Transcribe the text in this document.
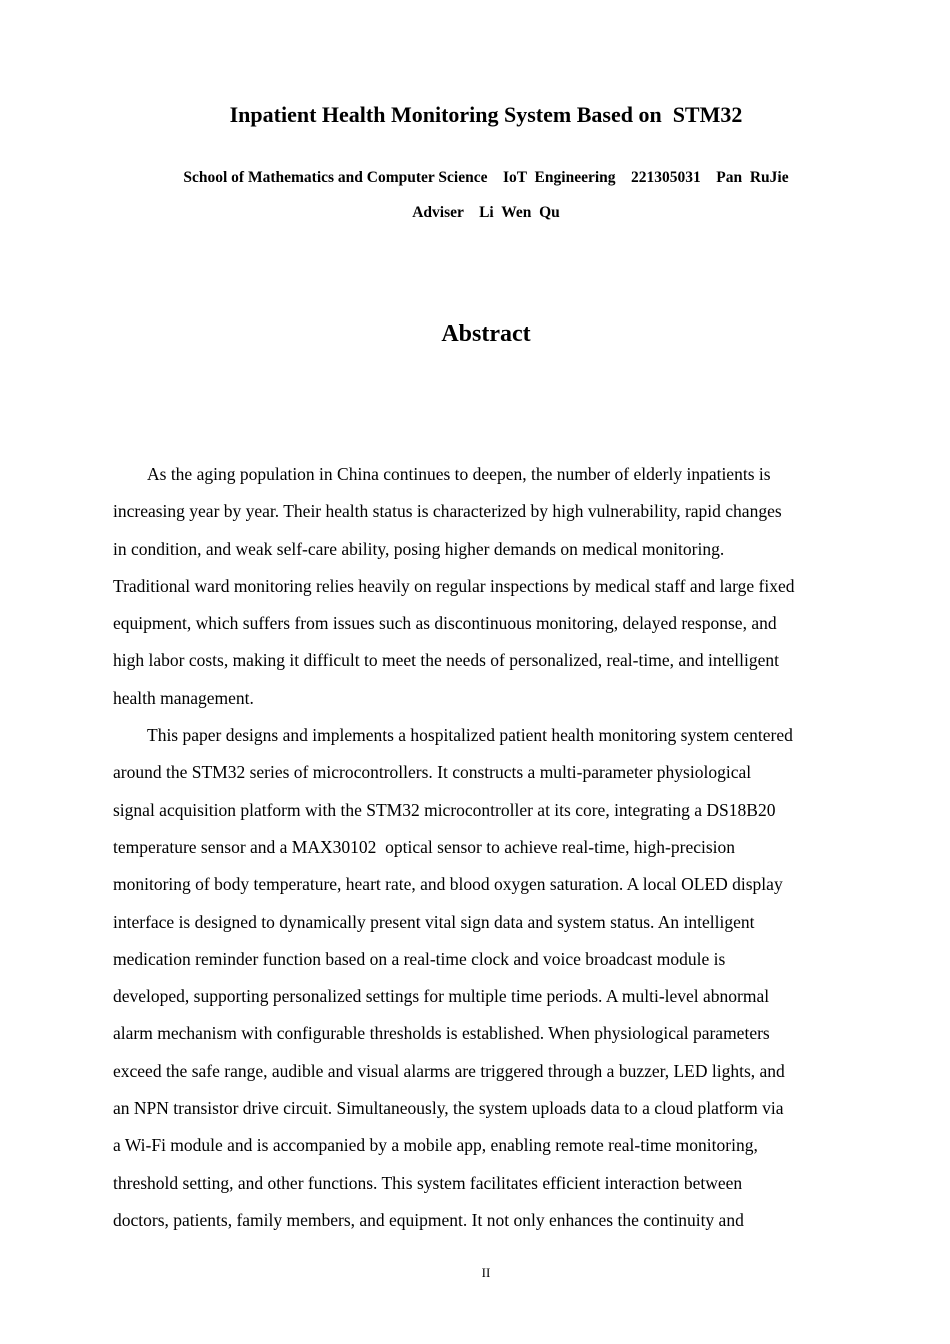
Inpatient Health Monitoring System Based on  STM32
School of Mathematics and Computer Science    IoT  Engineering    221305031    Pan  RuJie
Adviser    Li  Wen  Qu
Abstract
As the aging population in China continues to deepen, the number of elderly inpatients is
increasing year by year. Their health status is characterized by high vulnerability, rapid changes
in condition, and weak self-care ability, posing higher demands on medical monitoring.
Traditional ward monitoring relies heavily on regular inspections by medical staff and large fixed
equipment, which suffers from issues such as discontinuous monitoring, delayed response, and
high labor costs, making it difficult to meet the needs of personalized, real-time, and intelligent
health management.
This paper designs and implements a hospitalized patient health monitoring system centered
around the STM32 series of microcontrollers. It constructs a multi-parameter physiological
signal acquisition platform with the STM32 microcontroller at its core, integrating a DS18B20
temperature sensor and a MAX30102  optical sensor to achieve real-time, high-precision
monitoring of body temperature, heart rate, and blood oxygen saturation. A local OLED display
interface is designed to dynamically present vital sign data and system status. An intelligent
medication reminder function based on a real-time clock and voice broadcast module is
developed, supporting personalized settings for multiple time periods. A multi-level abnormal
alarm mechanism with configurable thresholds is established. When physiological parameters
exceed the safe range, audible and visual alarms are triggered through a buzzer, LED lights, and
an NPN transistor drive circuit. Simultaneously, the system uploads data to a cloud platform via
a Wi-Fi module and is accompanied by a mobile app, enabling remote real-time monitoring,
threshold setting, and other functions. This system facilitates efficient interaction between
doctors, patients, family members, and equipment. It not only enhances the continuity and
II
